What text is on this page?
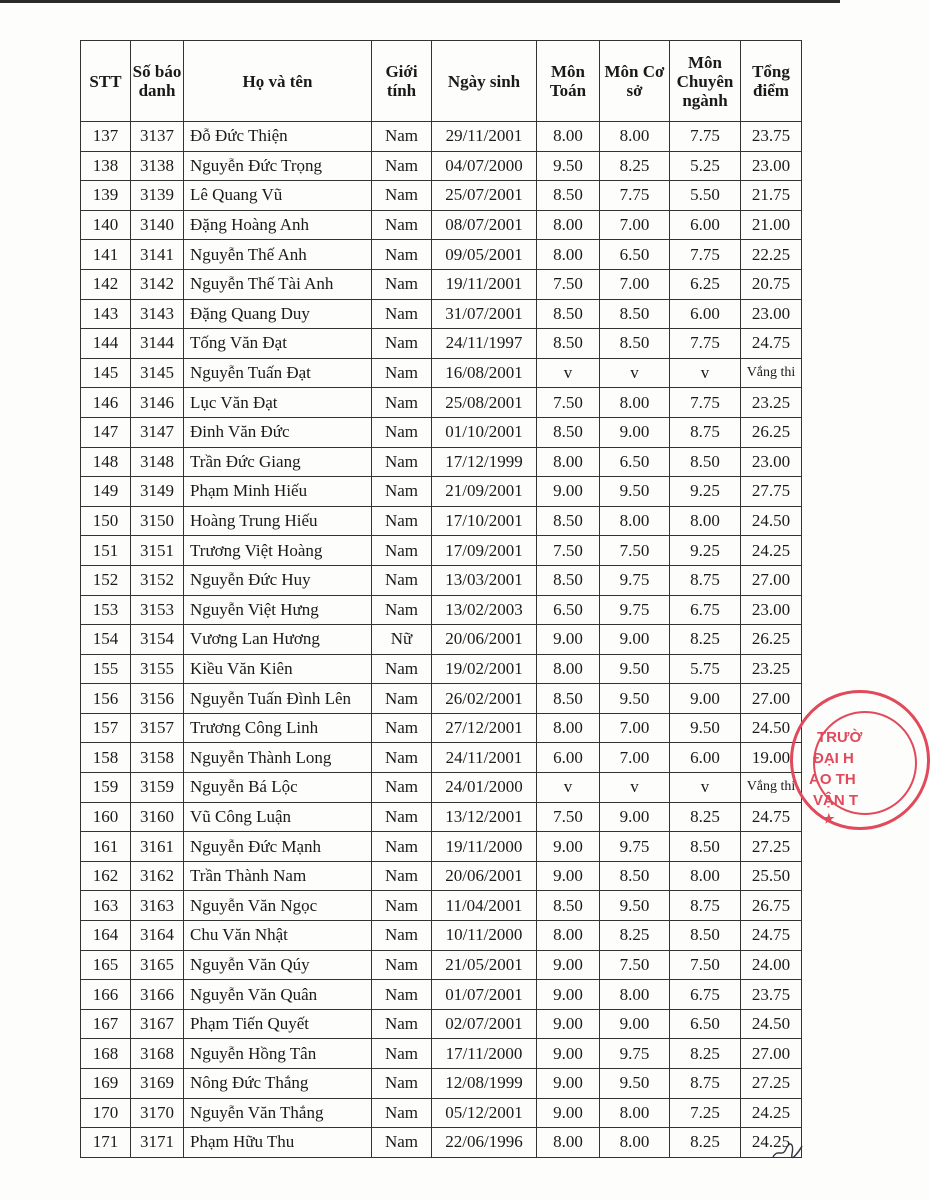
STT	Số báo danh	Họ và tên	Giới tính	Ngày sinh	Môn Toán	Môn Cơ sở	Môn Chuyên ngành	Tổng điểm
137	3137	Đỗ Đức Thiện	Nam	29/11/2001	8.00	8.00	7.75	23.75
138	3138	Nguyễn Đức Trọng	Nam	04/07/2000	9.50	8.25	5.25	23.00
139	3139	Lê Quang Vũ	Nam	25/07/2001	8.50	7.75	5.50	21.75
140	3140	Đặng Hoàng Anh	Nam	08/07/2001	8.00	7.00	6.00	21.00
141	3141	Nguyễn Thế Anh	Nam	09/05/2001	8.00	6.50	7.75	22.25
142	3142	Nguyễn Thế Tài Anh	Nam	19/11/2001	7.50	7.00	6.25	20.75
143	3143	Đặng Quang Duy	Nam	31/07/2001	8.50	8.50	6.00	23.00
144	3144	Tống Văn Đạt	Nam	24/11/1997	8.50	8.50	7.75	24.75
145	3145	Nguyễn Tuấn Đạt	Nam	16/08/2001	v	v	v	Vắng thi
146	3146	Lục Văn Đạt	Nam	25/08/2001	7.50	8.00	7.75	23.25
147	3147	Đinh Văn Đức	Nam	01/10/2001	8.50	9.00	8.75	26.25
148	3148	Trần Đức Giang	Nam	17/12/1999	8.00	6.50	8.50	23.00
149	3149	Phạm Minh Hiếu	Nam	21/09/2001	9.00	9.50	9.25	27.75
150	3150	Hoàng Trung Hiếu	Nam	17/10/2001	8.50	8.00	8.00	24.50
151	3151	Trương Việt Hoàng	Nam	17/09/2001	7.50	7.50	9.25	24.25
152	3152	Nguyễn Đức Huy	Nam	13/03/2001	8.50	9.75	8.75	27.00
153	3153	Nguyễn Việt Hưng	Nam	13/02/2003	6.50	9.75	6.75	23.00
154	3154	Vương Lan Hương	Nữ	20/06/2001	9.00	9.00	8.25	26.25
155	3155	Kiều Văn Kiên	Nam	19/02/2001	8.00	9.50	5.75	23.25
156	3156	Nguyễn Tuấn Đình Lên	Nam	26/02/2001	8.50	9.50	9.00	27.00
157	3157	Trương Công Linh	Nam	27/12/2001	8.00	7.00	9.50	24.50
158	3158	Nguyễn Thành Long	Nam	24/11/2001	6.00	7.00	6.00	19.00
159	3159	Nguyễn Bá Lộc	Nam	24/01/2000	v	v	v	Vắng thi
160	3160	Vũ Công Luận	Nam	13/12/2001	7.50	9.00	8.25	24.75
161	3161	Nguyễn Đức Mạnh	Nam	19/11/2000	9.00	9.75	8.50	27.25
162	3162	Trần Thành Nam	Nam	20/06/2001	9.00	8.50	8.00	25.50
163	3163	Nguyễn Văn Ngọc	Nam	11/04/2001	8.50	9.50	8.75	26.75
164	3164	Chu Văn Nhật	Nam	10/11/2000	8.00	8.25	8.50	24.75
165	3165	Nguyễn Văn Qúy	Nam	21/05/2001	9.00	7.50	7.50	24.00
166	3166	Nguyễn Văn Quân	Nam	01/07/2001	9.00	8.00	6.75	23.75
167	3167	Phạm Tiến Quyết	Nam	02/07/2001	9.00	9.00	6.50	24.50
168	3168	Nguyễn Hồng Tân	Nam	17/11/2000	9.00	9.75	8.25	27.00
169	3169	Nông Đức Thắng	Nam	12/08/1999	9.00	9.50	8.75	27.25
170	3170	Nguyễn Văn Thắng	Nam	05/12/2001	9.00	8.00	7.25	24.25
171	3171	Phạm Hữu Thu	Nam	22/06/1996	8.00	8.00	8.25	24.25
TRƯỜ
ĐẠI H
AO TH
VẬN T
★
